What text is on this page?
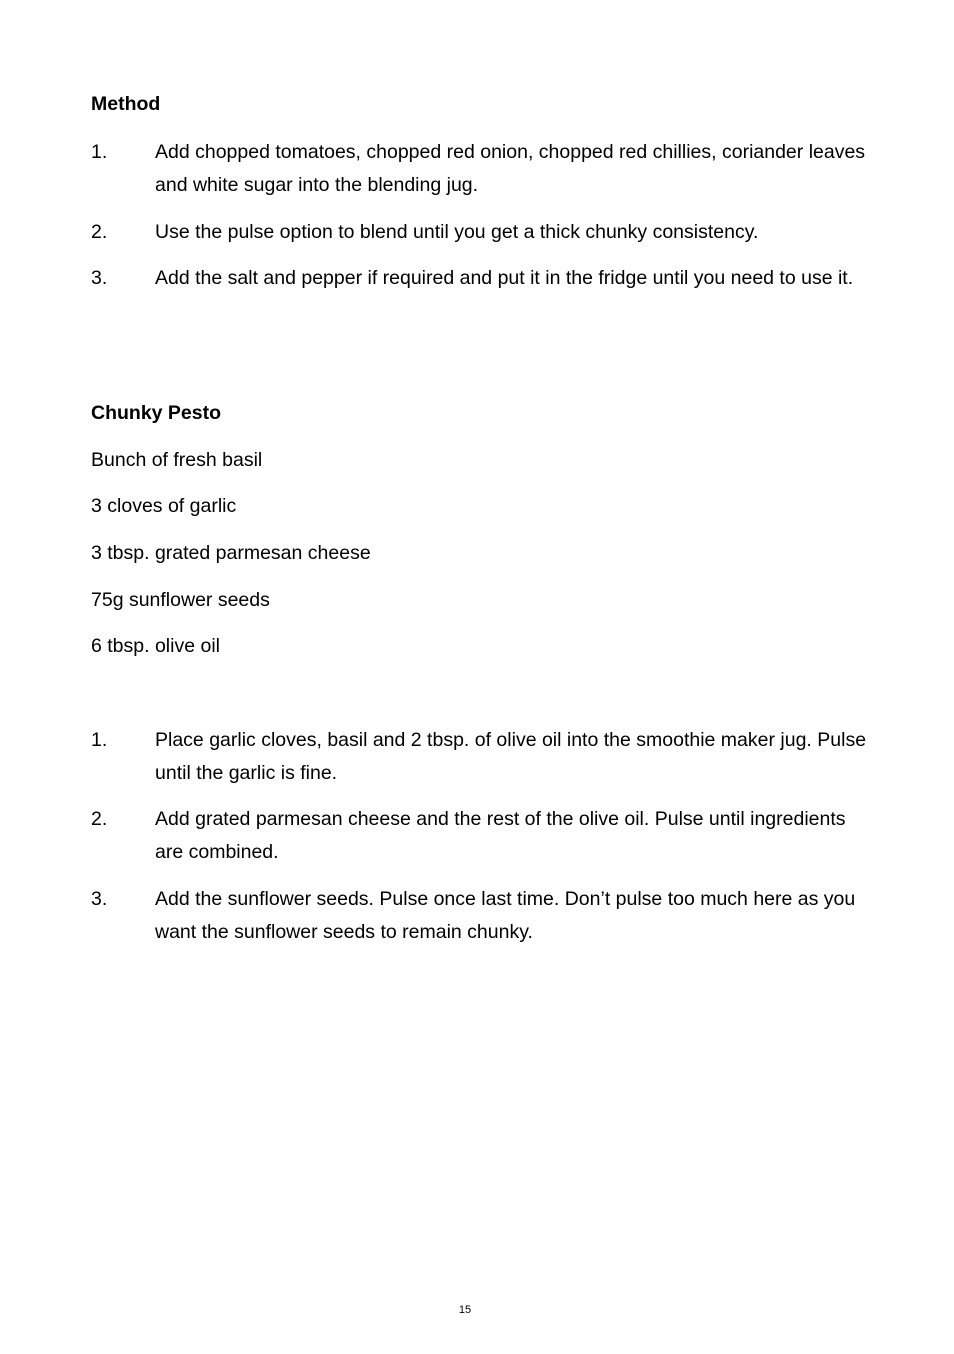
Method
1. Add chopped tomatoes, chopped red onion, chopped red chillies, coriander leaves and white sugar into the blending jug.

2. Use the pulse option to blend until you get a thick chunky consistency.

3. Add the salt and pepper if required and put it in the fridge until you need to use it.

Chunky Pesto

Bunch of fresh basil

3 cloves of garlic

3 tbsp. grated parmesan cheese

75g sunflower seeds

6 tbsp. olive oil

1. Place garlic cloves, basil and 2 tbsp. of olive oil into the smoothie maker jug. Pulse until the garlic is fine.

2. Add grated parmesan cheese and the rest of the olive oil. Pulse until ingredients are combined.

3. Add the sunflower seeds. Pulse once last time. Don’t pulse too much here as you want the sunflower seeds to remain chunky.

15
